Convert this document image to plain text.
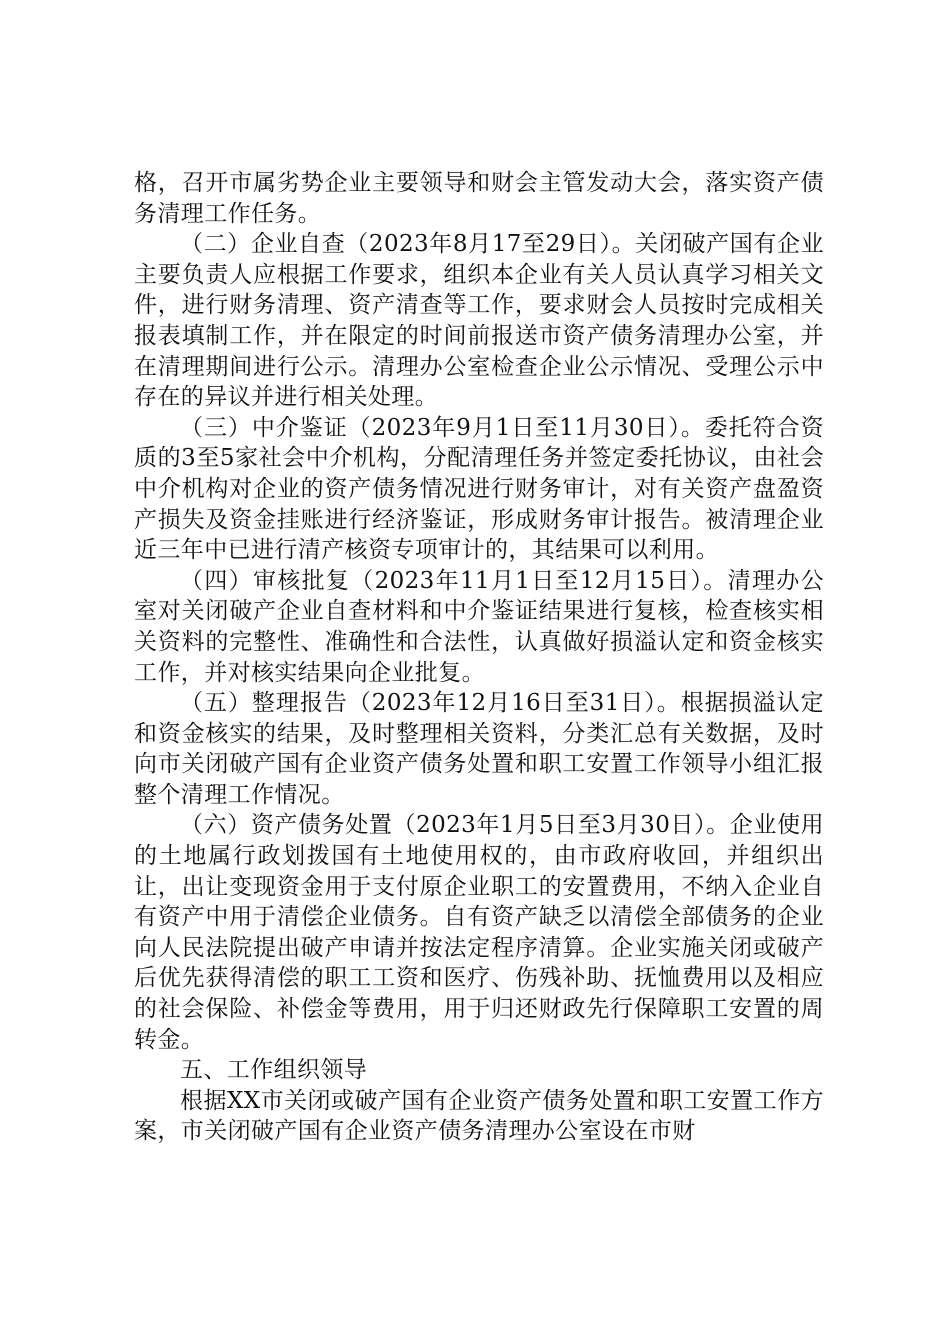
格，召开市属劣势企业主要领导和财会主管发动大会，落实资产债务清理工作任务。

（二）企业自查（2023年8月17至29日）。关闭破产国有企业主要负责人应根据工作要求，组织本企业有关人员认真学习相关文件，进行财务清理、资产清查等工作，要求财会人员按时完成相关报表填制工作，并在限定的时间前报送市资产债务清理办公室，并在清理期间进行公示。清理办公室检查企业公示情况、受理公示中存在的异议并进行相关处理。

（三）中介鉴证（2023年9月1日至11月30日）。委托符合资质的3至5家社会中介机构，分配清理任务并签定委托协议，由社会中介机构对企业的资产债务情况进行财务审计，对有关资产盘盈资产损失及资金挂账进行经济鉴证，形成财务审计报告。被清理企业近三年中已进行清产核资专项审计的，其结果可以利用。

（四）审核批复（2023年11月1日至12月15日）。清理办公室对关闭破产企业自查材料和中介鉴证结果进行复核，检查核实相关资料的完整性、准确性和合法性，认真做好损溢认定和资金核实工作，并对核实结果向企业批复。

（五）整理报告（2023年12月16日至31日）。根据损溢认定和资金核实的结果，及时整理相关资料，分类汇总有关数据，及时向市关闭破产国有企业资产债务处置和职工安置工作领导小组汇报整个清理工作情况。

（六）资产债务处置（2023年1月5日至3月30日）。企业使用的土地属行政划拨国有土地使用权的，由市政府收回，并组织出让，出让变现资金用于支付原企业职工的安置费用，不纳入企业自有资产中用于清偿企业债务。自有资产缺乏以清偿全部债务的企业向人民法院提出破产申请并按法定程序清算。企业实施关闭或破产后优先获得清偿的职工工资和医疗、伤残补助、抚恤费用以及相应的社会保险、补偿金等费用，用于归还财政先行保障职工安置的周转金。

五、工作组织领导

根据XX市关闭或破产国有企业资产债务处置和职工安置工作方案，市关闭破产国有企业资产债务清理办公室设在市财
